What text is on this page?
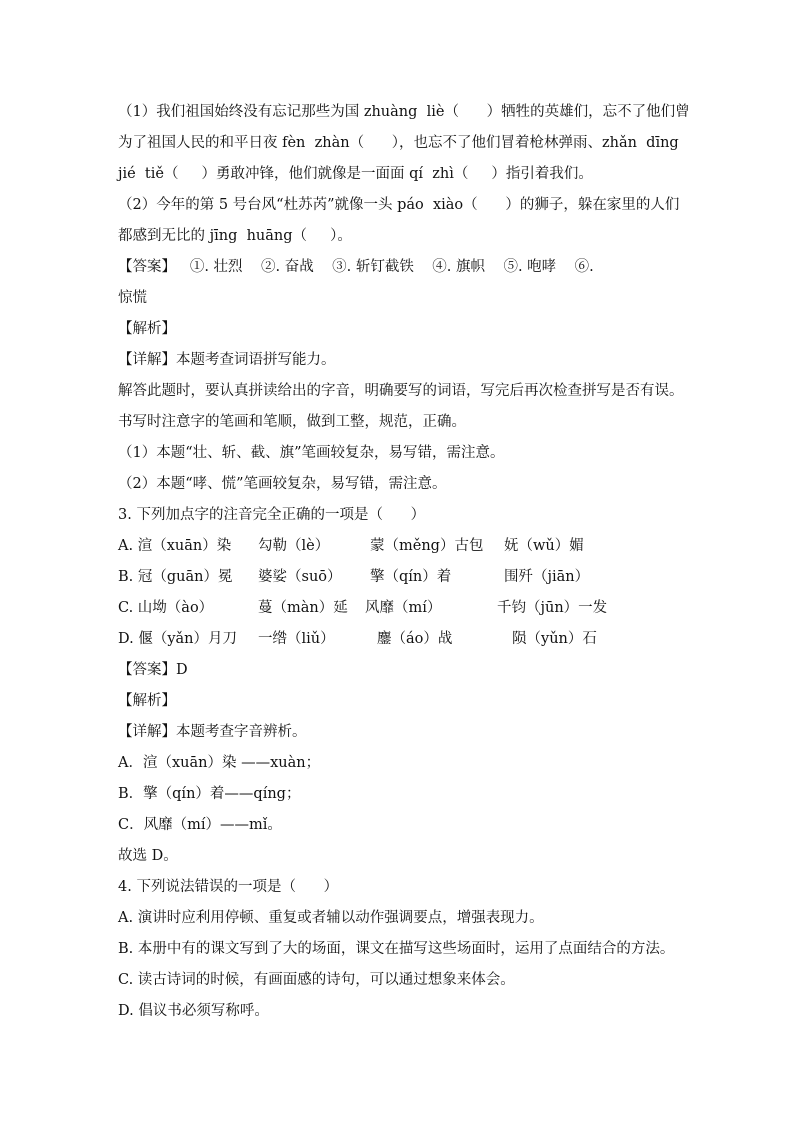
（1）我们祖国始终没有忘记那些为国 zhuàng  liè（      ）牺牲的英雄们，忘不了他们曾
为了祖国人民的和平日夜 fèn  zhàn（      ），也忘不了他们冒着枪林弹雨、zhǎn  dīng
jié  tiě（     ）勇敢冲锋，他们就像是一面面 qí  zhì（     ）指引着我们。
（2）今年的第 5 号台风“杜苏芮”就像一头 páo  xiào（      ）的狮子，躲在家里的人们
都感到无比的 jīng  huāng（     ）。
【答案】   ①. 壮烈    ②. 奋战    ③. 斩钉截铁    ④. 旗帜    ⑤. 咆哮    ⑥.
惊慌
【解析】
【详解】本题考查词语拼写能力。
解答此题时，要认真拼读给出的字音，明确要写的词语，写完后再次检查拼写是否有误。
书写时注意字的笔画和笔顺，做到工整，规范，正确。
（1）本题“壮、斩、截、旗”笔画较复杂，易写错，需注意。
（2）本题“哮、慌”笔画较复杂，易写错，需注意。
3. 下列加点字的注音完全正确的一项是（      ）
A. 渲（xuān）染 勾勒（lè）	蒙（měng）古包 妩（wǔ）媚
B. 冠（guān）冕 婆娑（suō） 擎（qín）着	围歼（jiān）
C. 山坳（ào）	蔓（màn）延 风靡（mí）	千钧（jūn）一发
D. 偃（yǎn）月刀 一绺（liǔ）	鏖（áo）战	陨（yǔn）石
【答案】D
【解析】
【详解】本题考查字音辨析。
A．渲（xuān）染 ——xuàn；
B．擎（qín）着——qíng；
C．风靡（mí）——mǐ。
故选 D。
4. 下列说法错误的一项是（      ）
A. 演讲时应利用停顿、重复或者辅以动作强调要点，增强表现力。
B. 本册中有的课文写到了大的场面，课文在描写这些场面时，运用了点面结合的方法。
C. 读古诗词的时候，有画面感的诗句，可以通过想象来体会。
D. 倡议书必须写称呼。
